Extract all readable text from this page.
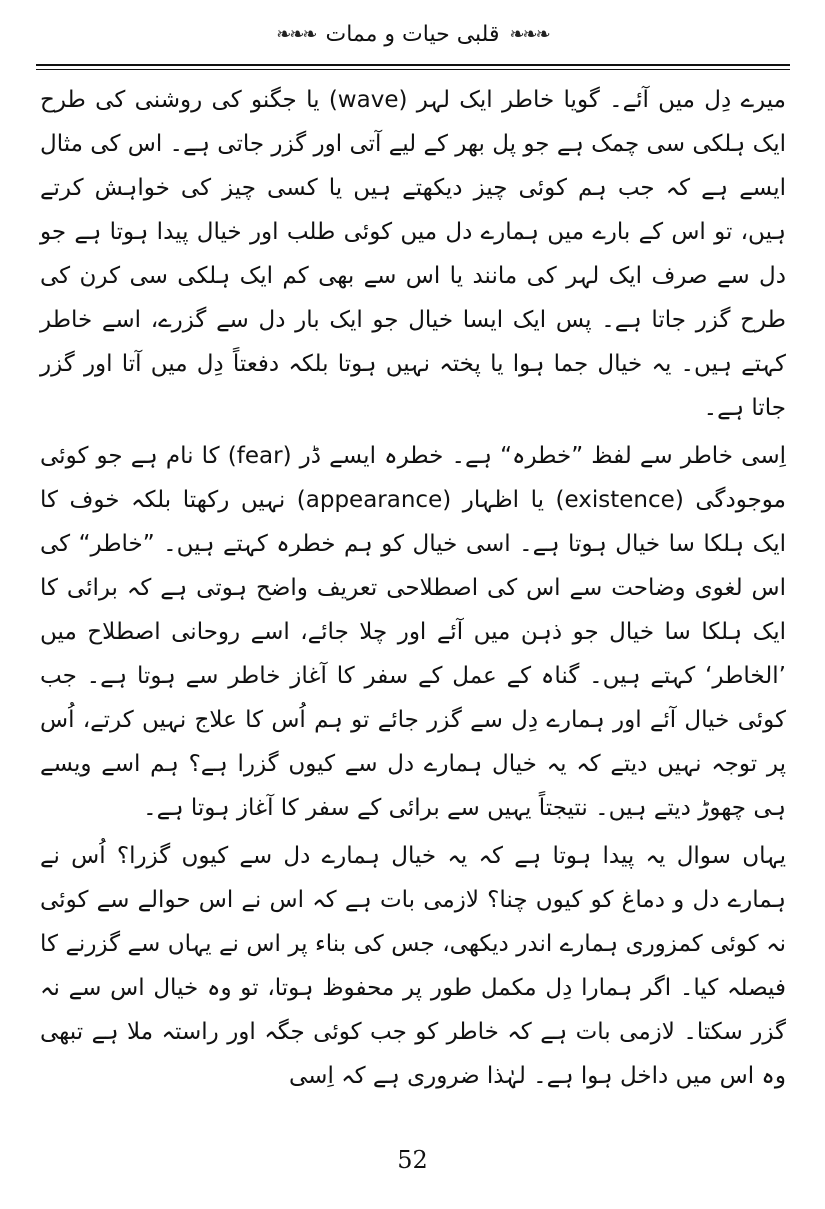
❧❧❧
قلبی حیات و ممات
❧❧❧

میرے دِل میں آئے۔ گویا خاطر ایک لہر (wave) یا جگنو کی روشنی کی طرح ایک ہلکی سی چمک ہے جو پل بھر کے لیے آتی اور گزر جاتی ہے۔ اس کی مثال ایسے ہے کہ جب ہم کوئی چیز دیکھتے ہیں یا کسی چیز کی خواہش کرتے ہیں، تو اس کے بارے میں ہمارے دل میں کوئی طلب اور خیال پیدا ہوتا ہے جو دل سے صرف ایک لہر کی مانند یا اس سے بھی کم ایک ہلکی سی کرن کی طرح گزر جاتا ہے۔ پس ایک ایسا خیال جو ایک بار دل سے گزرے، اسے خاطر کہتے ہیں۔ یہ خیال جما ہوا یا پختہ نہیں ہوتا بلکہ دفعتاً دِل میں آتا اور گزر جاتا ہے۔

اِسی خاطر سے لفظ ”خطرہ“ ہے۔ خطرہ ایسے ڈر (fear) کا نام ہے جو کوئی موجودگی (existence) یا اظہار (appearance) نہیں رکھتا بلکہ خوف کا ایک ہلکا سا خیال ہوتا ہے۔ اسی خیال کو ہم خطرہ کہتے ہیں۔ ”خاطر“ کی اس لغوی وضاحت سے اس کی اصطلاحی تعریف واضح ہوتی ہے کہ برائی کا ایک ہلکا سا خیال جو ذہن میں آئے اور چلا جائے، اسے روحانی اصطلاح میں ’الخاطر‘ کہتے ہیں۔ گناہ کے عمل کے سفر کا آغاز خاطر سے ہوتا ہے۔ جب کوئی خیال آئے اور ہمارے دِل سے گزر جائے تو ہم اُس کا علاج نہیں کرتے، اُس پر توجہ نہیں دیتے کہ یہ خیال ہمارے دل سے کیوں گزرا ہے؟ ہم اسے ویسے ہی چھوڑ دیتے ہیں۔ نتیجتاً یہیں سے برائی کے سفر کا آغاز ہوتا ہے۔

یہاں سوال یہ پیدا ہوتا ہے کہ یہ خیال ہمارے دل سے کیوں گزرا؟ اُس نے ہمارے دل و دماغ کو کیوں چنا؟ لازمی بات ہے کہ اس نے اس حوالے سے کوئی نہ کوئی کمزوری ہمارے اندر دیکھی، جس کی بناء پر اس نے یہاں سے گزرنے کا فیصلہ کیا۔ اگر ہمارا دِل مکمل طور پر محفوظ ہوتا، تو وہ خیال اس سے نہ گزر سکتا۔ لازمی بات ہے کہ خاطر کو جب کوئی جگہ اور راستہ ملا ہے تبھی وہ اس میں داخل ہوا ہے۔ لہٰذا ضروری ہے کہ اِسی

52
